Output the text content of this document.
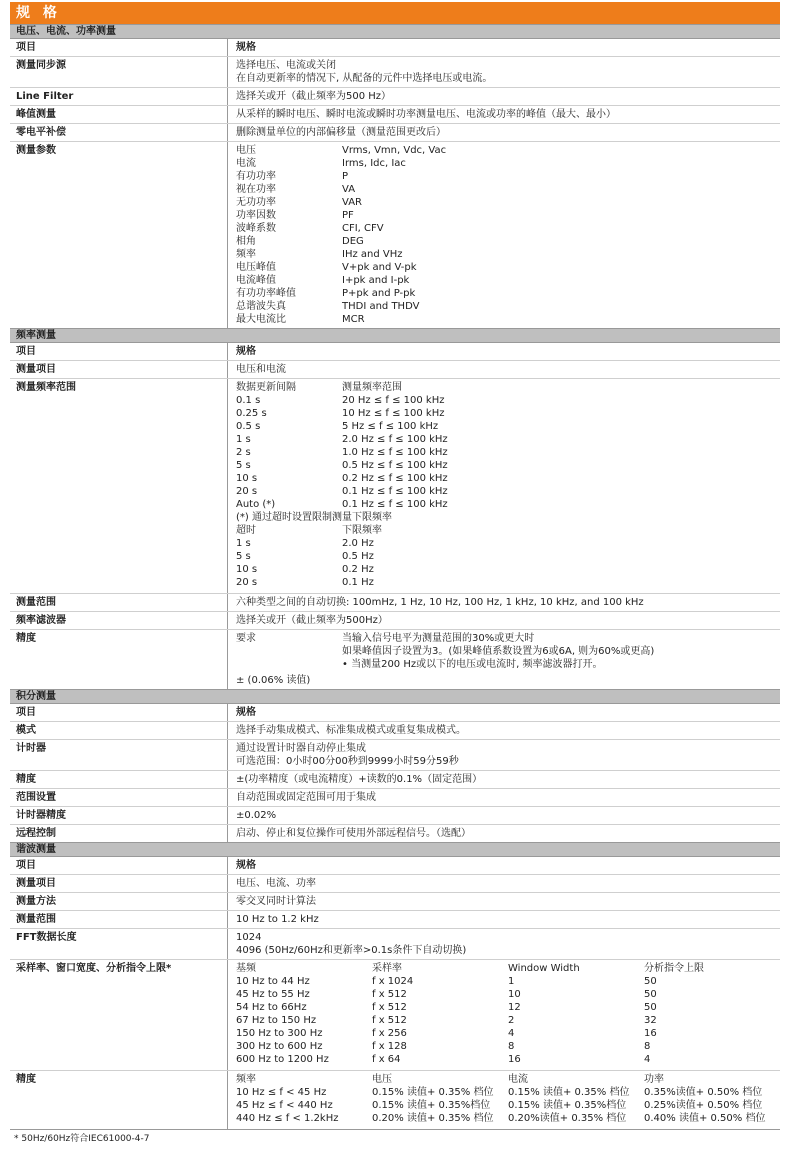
规 格
电压、电流、功率测量
项目	规格
测量同步源	选择电压、电流或关闭
在自动更新率的情况下, 从配备的元件中选择电压或电流。
Line Filter	选择关或开（截止频率为500 Hz）
峰值测量	从采样的瞬时电压、瞬时电流或瞬时功率测量电压、电流或功率的峰值（最大、最小）
零电平补偿	删除测量单位的内部偏移量（测量范围更改后）
测量参数	电压	Vrms, Vmn, Vdc, Vac
电流	Irms, Idc, Iac
有功功率	P
视在功率	VA
无功功率	VAR
功率因数	PF
波峰系数	CFI, CFV
相角	DEG
频率	IHz and VHz
电压峰值	V+pk and V-pk
电流峰值	I+pk and I-pk
有功功率峰值	P+pk and P-pk
总谐波失真	THDI and THDV
最大电流比	MCR
频率测量
项目	规格
测量项目	电压和电流
测量频率范围	数据更新间隔	测量频率范围
0.1 s	20 Hz ≤ f ≤ 100 kHz
0.25 s	10 Hz ≤ f ≤ 100 kHz
0.5 s	5 Hz ≤ f ≤ 100 kHz
1 s	2.0 Hz ≤ f ≤ 100 kHz
2 s	1.0 Hz ≤ f ≤ 100 kHz
5 s	0.5 Hz ≤ f ≤ 100 kHz
10 s	0.2 Hz ≤ f ≤ 100 kHz
20 s	0.1 Hz ≤ f ≤ 100 kHz
Auto (*)	0.1 Hz ≤ f ≤ 100 kHz
(*) 通过超时设置限制测量下限频率
超时	下限频率
1 s	2.0 Hz
5 s	0.5 Hz
10 s	0.2 Hz
20 s	0.1 Hz
测量范围	六种类型之间的自动切换: 100mHz, 1 Hz, 10 Hz, 100 Hz, 1 kHz, 10 kHz, and 100 kHz
频率滤波器	选择关或开（截止频率为500Hz）
精度	要求	当输入信号电平为测量范围的30%或更大时
如果峰值因子设置为3。(如果峰值系数设置为6或6A, 则为60%或更高)
• 当测量200 Hz或以下的电压或电流时, 频率滤波器打开。
± (0.06% 读值)
积分测量
项目	规格
模式	选择手动集成模式、标准集成模式或重复集成模式。
计时器	通过设置计时器自动停止集成
可选范围：0小时00分00秒到9999小时59分59秒
精度	±(功率精度（或电流精度）+读数的0.1%（固定范围）
范围设置	自动范围或固定范围可用于集成
计时器精度	±0.02%
远程控制	启动、停止和复位操作可使用外部远程信号。（选配）
谐波测量
项目	规格
测量项目	电压、电流、功率
测量方法	零交叉同时计算法
测量范围	10 Hz to 1.2 kHz
FFT数据长度	1024
4096 (50Hz/60Hz和更新率>0.1s条件下自动切换)
采样率、窗口宽度、分析指令上限*	基频	采样率	Window Width	分析指令上限
10 Hz to 44 Hz	f x 1024	1	50
45 Hz to 55 Hz	f x 512	10	50
54 Hz to 66Hz	f x 512	12	50
67 Hz to 150 Hz	f x 512	2	32
150 Hz to 300 Hz	f x 256	4	16
300 Hz to 600 Hz	f x 128	8	8
600 Hz to 1200 Hz	f x 64	16	4
精度	频率	电压	电流	功率
10 Hz ≤ f < 45 Hz	0.15% 读值+ 0.35% 档位	0.15% 读值+ 0.35% 档位	0.35%读值+ 0.50% 档位
45 Hz ≤ f < 440 Hz	0.15% 读值+ 0.35%档位	0.15% 读值+ 0.35%档位	0.25%读值+ 0.50% 档位
440 Hz ≤ f < 1.2kHz	0.20% 读值+ 0.35% 档位	0.20%读值+ 0.35% 档位	0.40% 读值+ 0.50% 档位
* 50Hz/60Hz符合IEC61000-4-7
